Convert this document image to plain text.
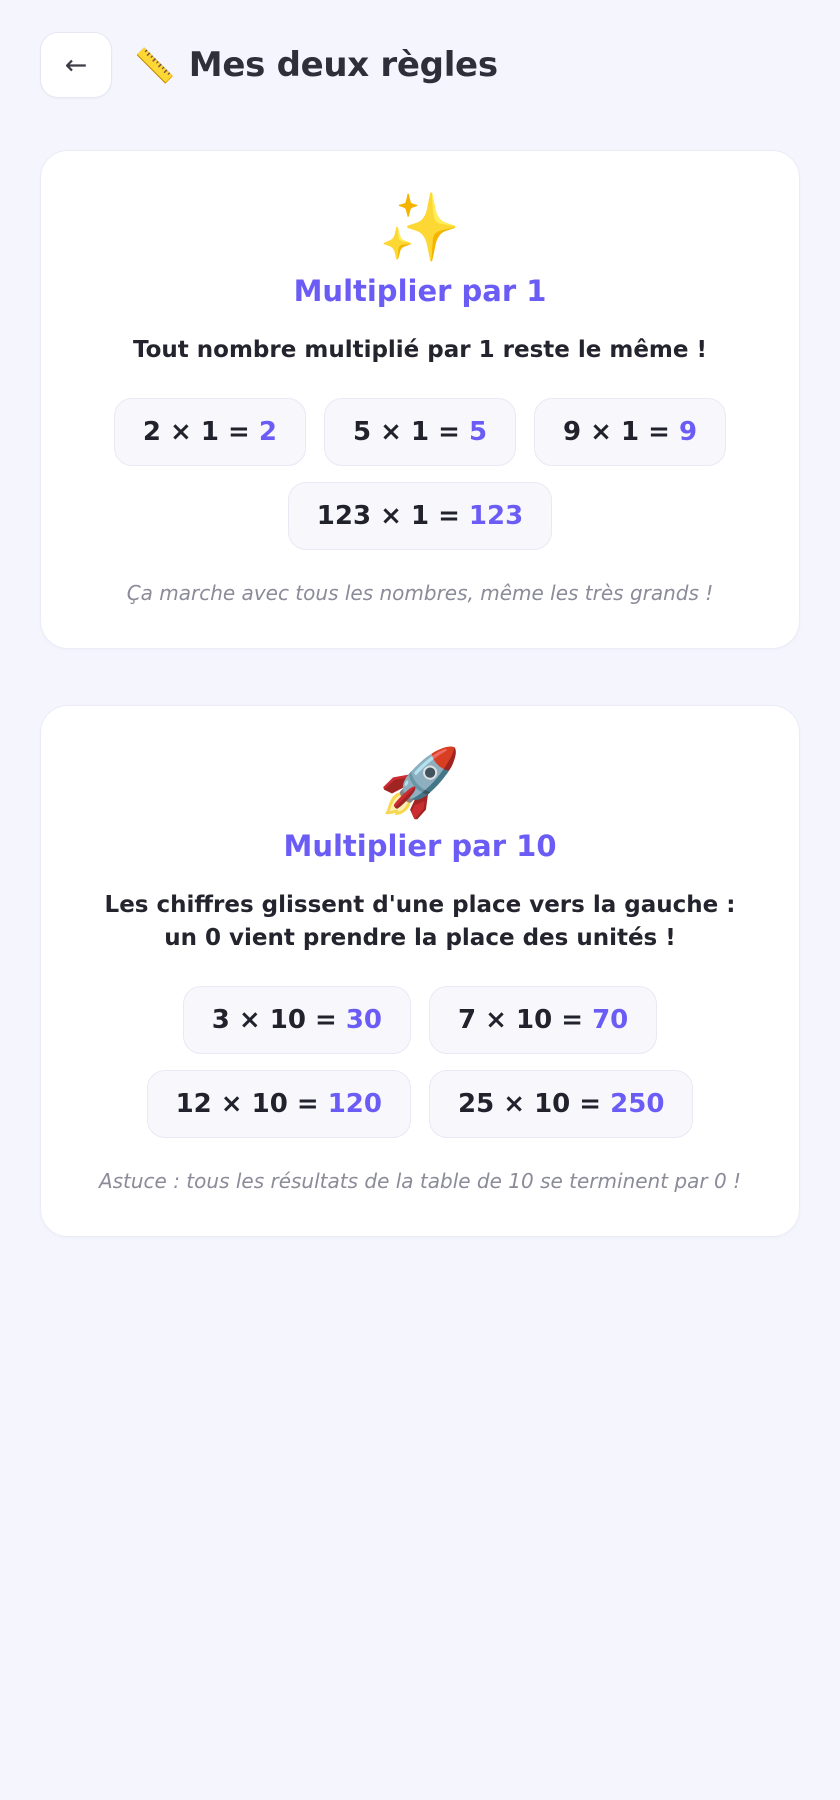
← 📏 Mes deux règles
✨
Multiplier par 1
Tout nombre multiplié par 1 reste le même !
2 × 1 = 2	5 × 1 = 5	9 × 1 = 9
123 × 1 = 123
Ça marche avec tous les nombres, même les très grands !
🚀
Multiplier par 10
Les chiffres glissent d'une place vers la gauche : un 0 vient prendre la place des unités !
3 × 10 = 30	7 × 10 = 70
12 × 10 = 120	25 × 10 = 250
Astuce : tous les résultats de la table de 10 se terminent par 0 !
